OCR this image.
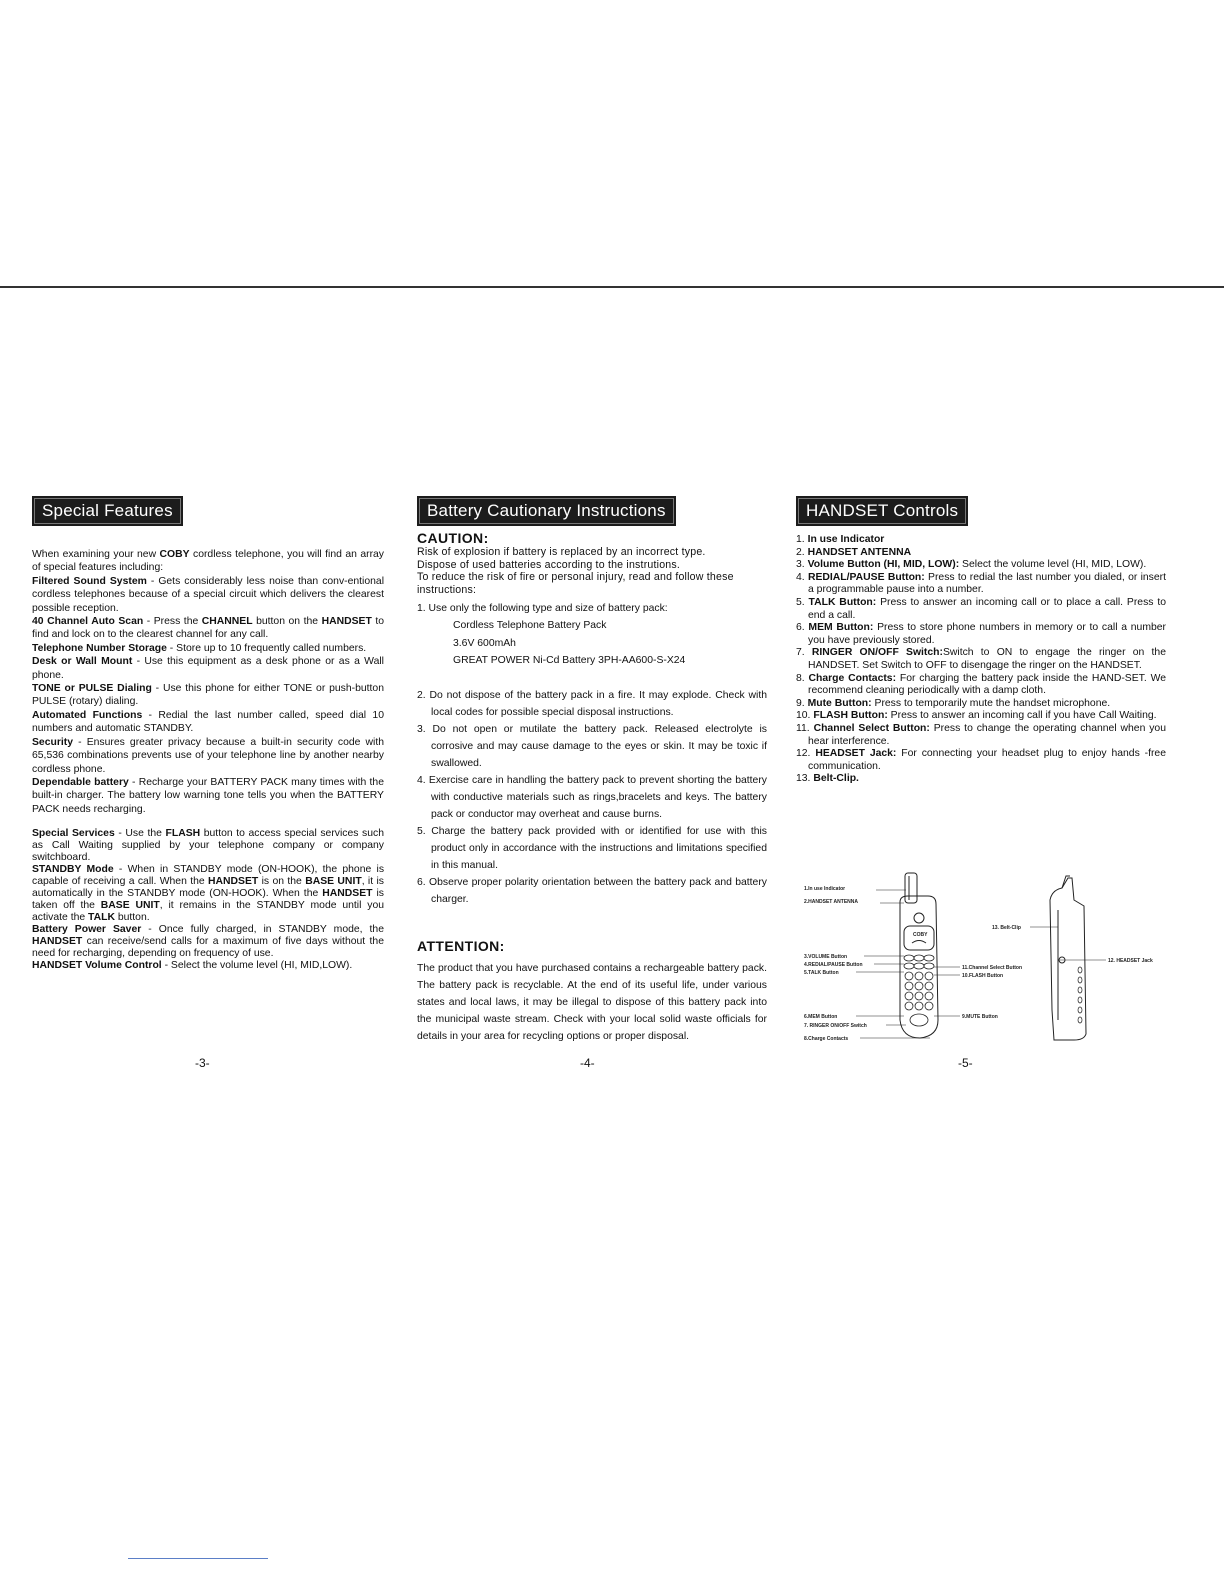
Special Features

When examining your new COBY cordless telephone, you will find an array of special features including:

Filtered Sound System - Gets considerably less noise than conv-entional cordless telephones because of a special circuit which delivers the clearest possible reception.

40 Channel Auto Scan - Press the CHANNEL button on the HANDSET to find and lock on to the clearest channel for any call.

Telephone Number Storage - Store up to 10 frequently called numbers.

Desk or Wall Mount - Use this equipment as a desk phone or as a Wall phone.

TONE or PULSE Dialing - Use this phone for either TONE or push-button PULSE (rotary) dialing.

Automated Functions - Redial the last number called, speed dial 10 numbers and automatic STANDBY.

Security - Ensures greater privacy because a built-in security code with 65,536 combinations prevents use of your telephone line by another nearby cordless phone.

Dependable battery - Recharge your BATTERY PACK many times with the built-in charger. The battery low warning tone tells you when the BATTERY PACK needs recharging.

Special Services - Use the FLASH button to access special services such as Call Waiting supplied by your telephone company or company switchboard.

STANDBY Mode - When in STANDBY mode (ON-HOOK), the phone is capable of receiving a call. When the HANDSET is on the BASE UNIT, it is automatically in the STANDBY mode (ON-HOOK). When the HANDSET is taken off the BASE UNIT, it remains in the STANDBY mode until you activate the TALK button.

Battery Power Saver - Once fully charged, in STANDBY mode, the HANDSET can receive/send calls for a maximum of five days without the need for recharging, depending on frequency of use.

HANDSET Volume Control - Select the volume level (HI, MID,LOW).

Battery Cautionary Instructions
CAUTION:

Risk of explosion if battery is replaced by an incorrect type.

Dispose of used batteries according to the instrutions.

To reduce the risk of fire or personal injury, read and follow these instructions:

1. Use only the following type and size of battery pack:
Cordless Telephone Battery Pack
3.6V 600mAh
GREAT POWER Ni-Cd Battery 3PH-AA600-S-X24
2. Do not dispose of the battery pack in a fire. It may explode. Check with local codes for possible special disposal instructions.
3. Do not open or mutilate the battery pack. Released electrolyte is corrosive and may cause damage to the eyes or skin. It may be toxic if swallowed.
4. Exercise care in handling the battery pack to prevent shorting the battery with conductive materials such as rings,bracelets and keys. The battery pack or conductor may overheat and cause burns.
5. Charge the battery pack provided with or identified for use with this product only in accordance with the instructions and limitations specified in this manual.
6. Observe proper polarity orientation between the battery pack and battery charger.
ATTENTION:

The product that you have purchased contains a rechargeable battery pack. The battery pack is recyclable. At the end of its useful life, under various states and local laws, it may be illegal to dispose of this battery pack into the municipal waste stream. Check with your local solid waste officials for details in your area for recycling options or proper disposal.

HANDSET Controls
1. In use Indicator
2. HANDSET ANTENNA
3. Volume Button (HI, MID, LOW): Select the volume level (HI, MID, LOW).
4. REDIAL/PAUSE Button: Press to redial the last number you dialed, or insert a programmable pause into a number.
5. TALK Button: Press to answer an incoming call or to place a call. Press to end a call.
6. MEM Button: Press to store phone numbers in memory or to call a number you have previously stored.
7. RINGER ON/OFF Switch:Switch to ON to engage the ringer on the HANDSET. Set Switch to OFF to disengage the ringer on the HANDSET.
8. Charge Contacts: For charging the battery pack inside the HAND-SET. We recommend cleaning periodically with a damp cloth.
9. Mute Button: Press to temporarily mute the handset microphone.
10. FLASH Button: Press to answer an incoming call if you have Call Waiting.
11. Channel Select Button: Press to change the operating channel when you hear interference.
12. HEADSET Jack: For connecting your headset plug to enjoy hands -free communication.
13. Belt-Clip.
COBY
1.In use Indicator
2.HANDSET ANTENNA
3.VOLUME Button
4.REDIAL/PAUSE Button
5.TALK Button
6.MEM Button
7. RINGER ON/OFF Switch
8.Charge Contacts
9.MUTE Button
10.FLASH Button
11.Channel Select Button
12. HEADSET Jack
13. Belt-Clip
-3-	-4-	-5-
